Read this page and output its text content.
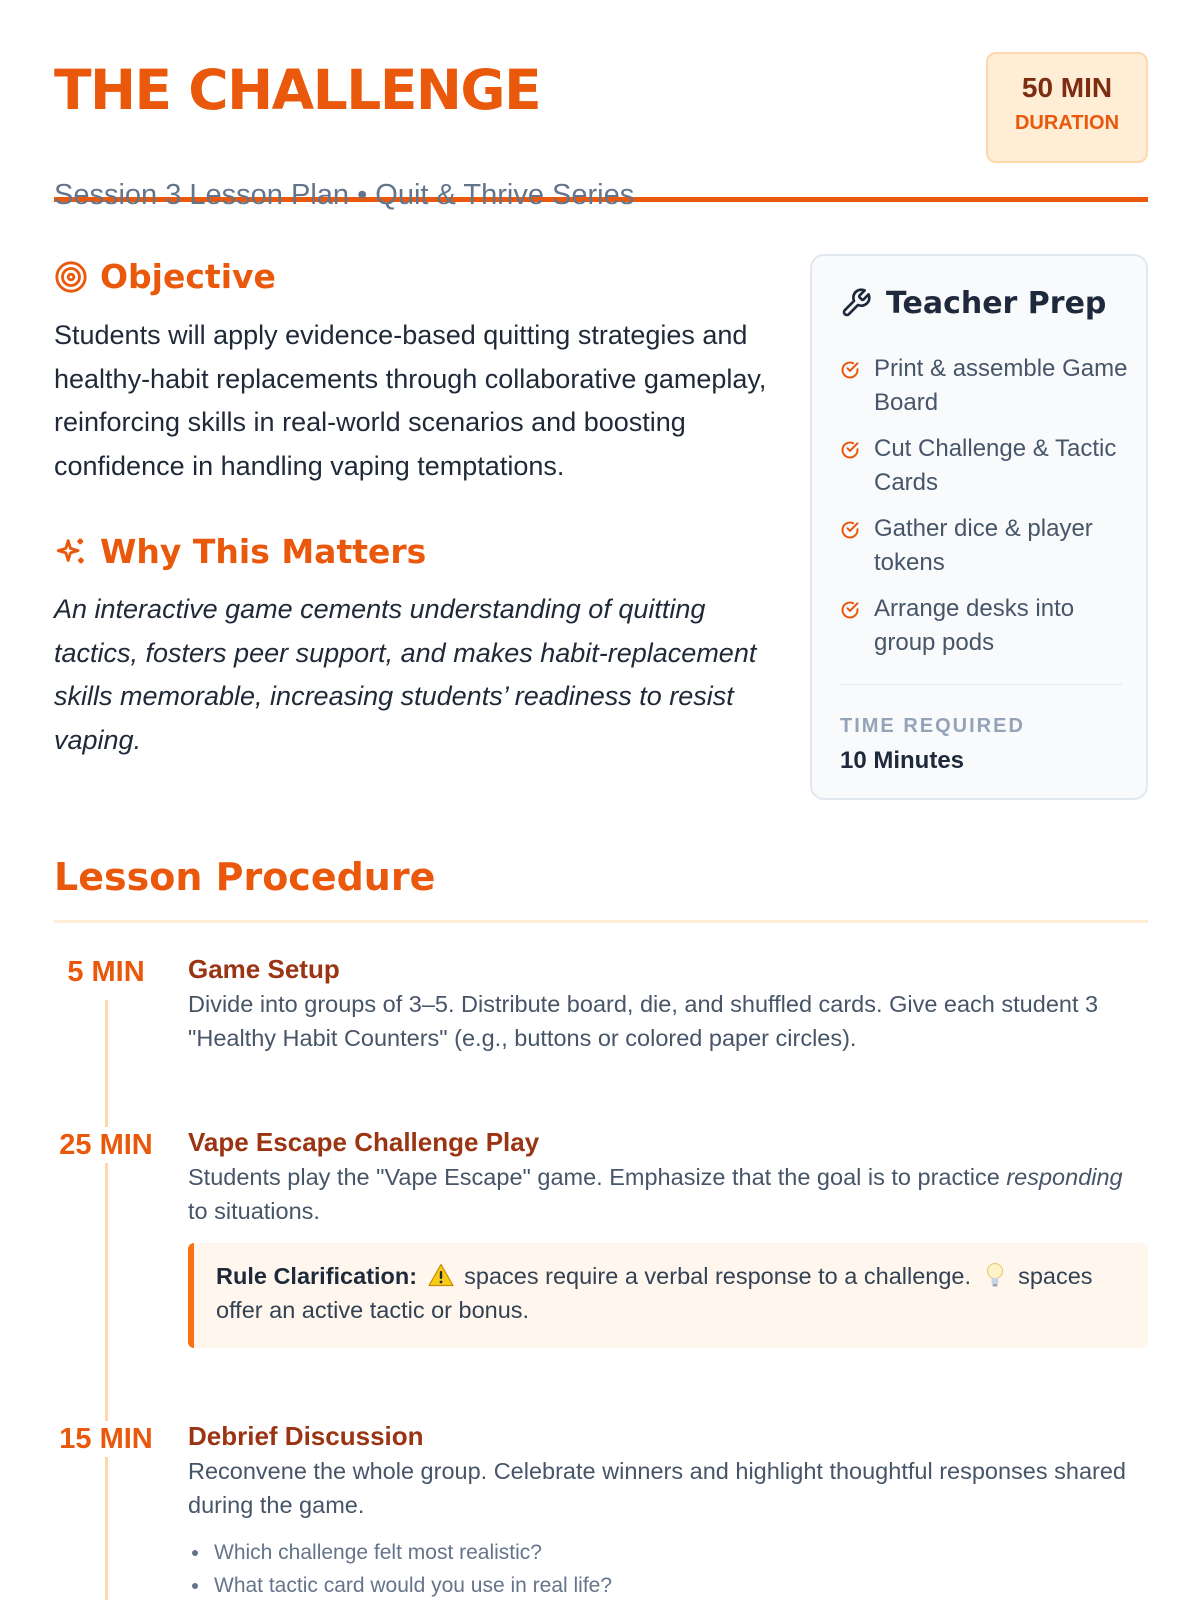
THE CHALLENGE
Session 3 Lesson Plan • Quit & Thrive Series
50 MIN
DURATION
Objective

Students will apply evidence-based quitting strategies and healthy-habit replacements through collaborative gameplay, reinforcing skills in real-world scenarios and boosting confidence in handling vaping temptations.

Why This Matters

An interactive game cements understanding of quitting tactics, fosters peer support, and makes habit-replacement skills memorable, increasing students’ readiness to resist vaping.

Teacher Prep
Print & assemble Game Board
Cut Challenge & Tactic Cards
Gather dice & player tokens
Arrange desks into group pods
TIME REQUIRED
10 Minutes
Lesson Procedure
5 MIN	Game Setup
Divide into groups of 3–5. Distribute board, die, and shuffled cards. Give each student 3 "Healthy Habit Counters" (e.g., buttons or colored paper circles).
25 MIN Vape Escape Challenge Play
Students play the "Vape Escape" game. Emphasize that the goal is to practice responding to situations.
Rule Clarification:  spaces require a verbal response to a challenge.  spaces offer an active tactic or bonus.
15 MIN Debrief Discussion
Reconvene the whole group. Celebrate winners and highlight thoughtful responses shared during the game.
Which challenge felt most realistic?
What tactic card would you use in real life?
